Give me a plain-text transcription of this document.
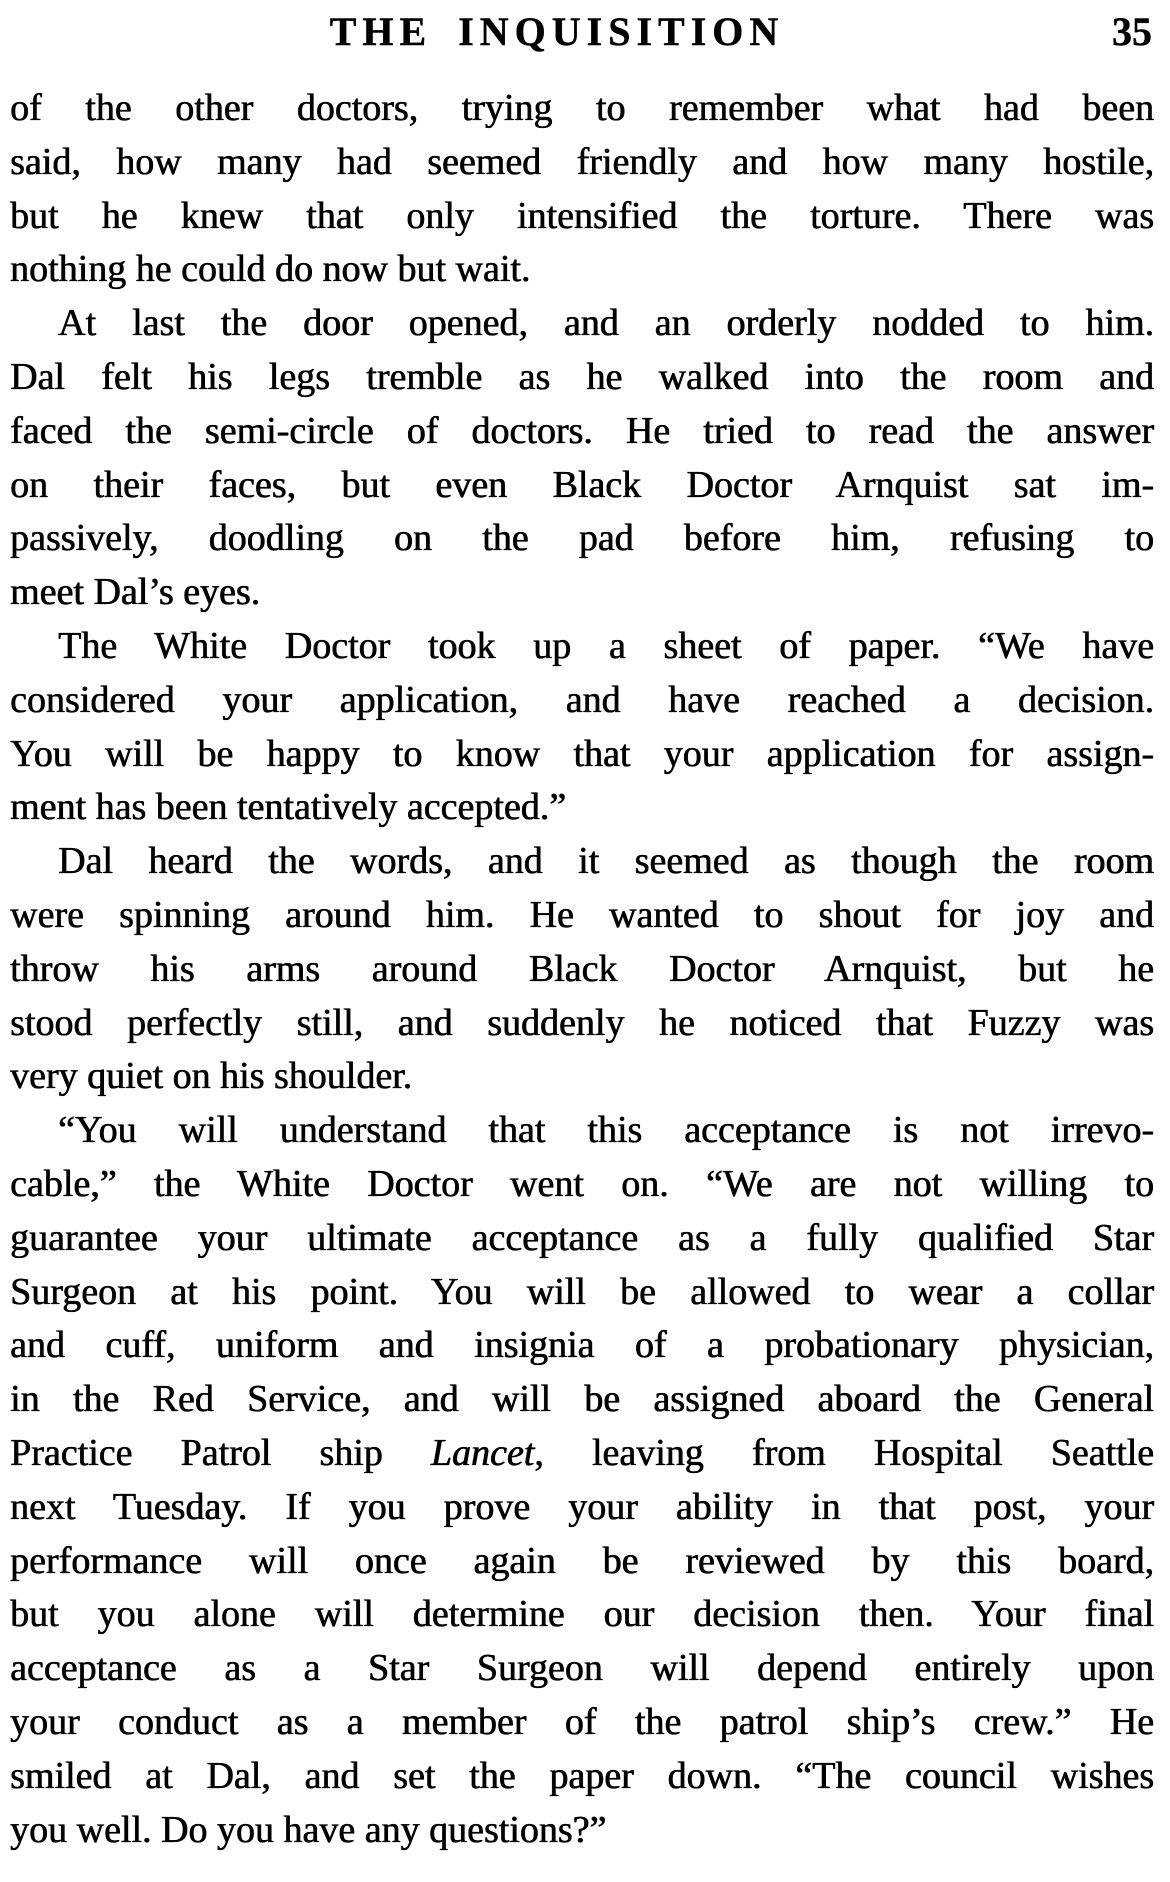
THE INQUISITION	35
of the other doctors, trying to remember what had been
said, how many had seemed friendly and how many hostile,
but he knew that only intensified the torture. There was
nothing he could do now but wait.
At last the door opened, and an orderly nodded to him.
Dal felt his legs tremble as he walked into the room and
faced the semi-circle of doctors. He tried to read the answer
on their faces, but even Black Doctor Arnquist sat im-
passively, doodling on the pad before him, refusing to
meet Dal’s eyes.
The White Doctor took up a sheet of paper. “We have
considered your application, and have reached a decision.
You will be happy to know that your application for assign-
ment has been tentatively accepted.”
Dal heard the words, and it seemed as though the room
were spinning around him. He wanted to shout for joy and
throw his arms around Black Doctor Arnquist, but he
stood perfectly still, and suddenly he noticed that Fuzzy was
very quiet on his shoulder.
“You will understand that this acceptance is not irrevo-
cable,” the White Doctor went on. “We are not willing to
guarantee your ultimate acceptance as a fully qualified Star
Surgeon at his point. You will be allowed to wear a collar
and cuff, uniform and insignia of a probationary physician,
in the Red Service, and will be assigned aboard the General
Practice Patrol ship Lancet, leaving from Hospital Seattle
next Tuesday. If you prove your ability in that post, your
performance will once again be reviewed by this board,
but you alone will determine our decision then. Your final
acceptance as a Star Surgeon will depend entirely upon
your conduct as a member of the patrol ship’s crew.” He
smiled at Dal, and set the paper down. “The council wishes
you well. Do you have any questions?”
